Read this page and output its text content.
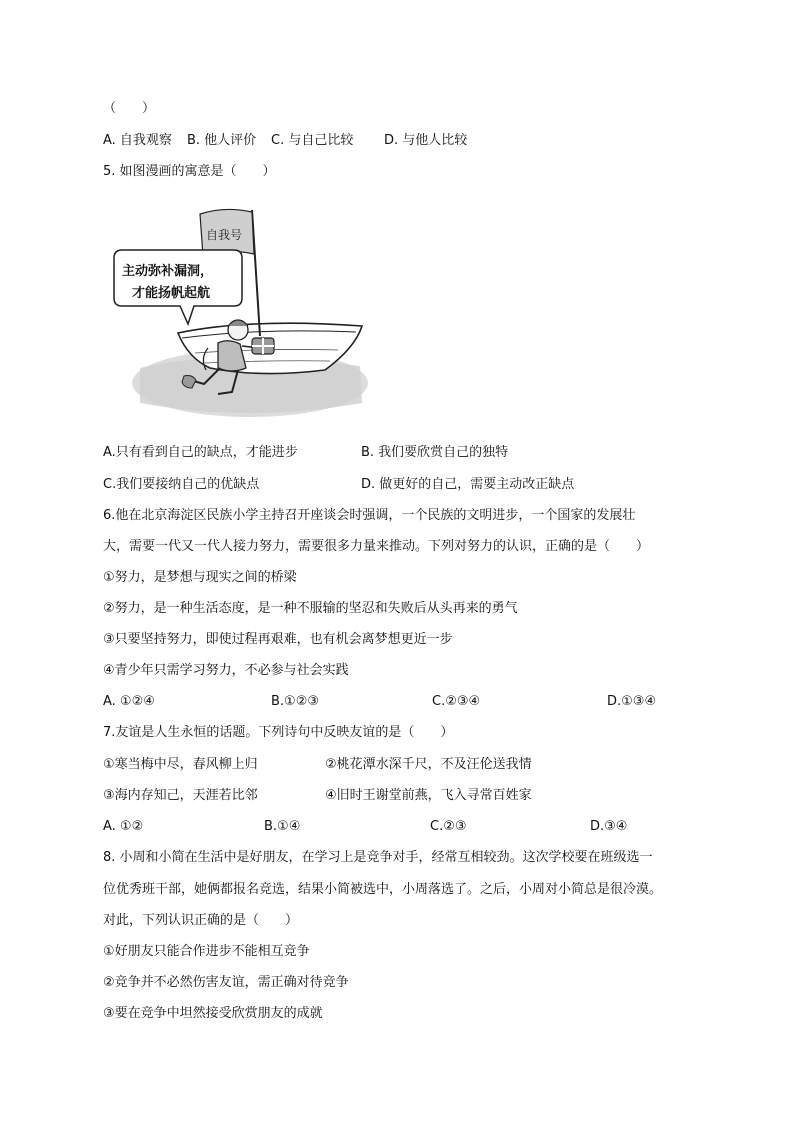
（　　）
A. 自我观察 B. 他人评价 C. 与自己比较 D. 与他人比较
5. 如图漫画的寓意是（　　）
自我号
主动弥补漏洞，
才能扬帆起航
A.只有看到自己的缺点，才能进步	B. 我们要欣赏自己的独特
C.我们要接纳自己的优缺点	D. 做更好的自己，需要主动改正缺点
6.他在北京海淀区民族小学主持召开座谈会时强调，一个民族的文明进步，一个国家的发展壮
大，需要一代又一代人接力努力，需要很多力量来推动。下列对努力的认识，正确的是（　　）
①努力，是梦想与现实之间的桥梁
②努力，是一种生活态度，是一种不服输的坚忍和失败后从头再来的勇气
③只要坚持努力，即使过程再艰难，也有机会离梦想更近一步
④青少年只需学习努力，不必参与社会实践
A. ①②④	B.①②③	C.②③④	D.①③④
7.友谊是人生永恒的话题。下列诗句中反映友谊的是（　　）
①寒当梅中尽，春风柳上归	②桃花潭水深千尺，不及汪伦送我情
③海内存知己，天涯若比邻	④旧时王谢堂前燕，飞入寻常百姓家
A. ①②	B.①④	C.②③	D.③④
8. 小周和小简在生活中是好朋友，在学习上是竞争对手，经常互相较劲。这次学校要在班级选一
位优秀班干部，她俩都报名竞选，结果小简被选中，小周落选了。之后，小周对小简总是很冷漠。
对此，下列认识正确的是（　　）
①好朋友只能合作进步不能相互竞争
②竞争并不必然伤害友谊，需正确对待竞争
③要在竞争中坦然接受欣赏朋友的成就
